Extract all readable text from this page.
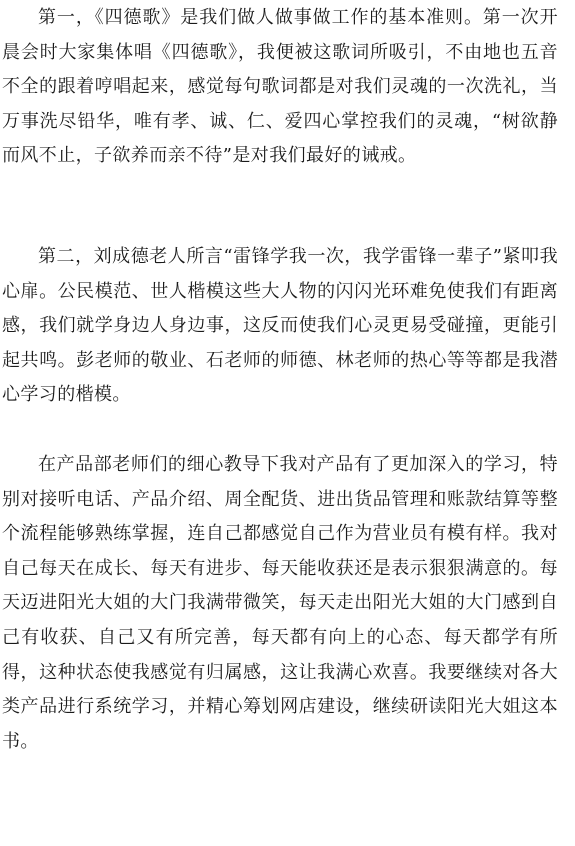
第一，《四德歌》是我们做人做事做工作的基本准则。第一次开晨会时大家集体唱《四德歌》，我便被这歌词所吸引，不由地也五音不全的跟着哼唱起来，感觉每句歌词都是对我们灵魂的一次洗礼，当万事洗尽铅华，唯有孝、诚、仁、爱四心掌控我们的灵魂，“树欲静而风不止，子欲养而亲不待”是对我们最好的诫戒。

第二，刘成德老人所言“雷锋学我一次，我学雷锋一辈子”紧叩我心扉。公民模范、世人楷模这些大人物的闪闪光环难免使我们有距离感，我们就学身边人身边事，这反而使我们心灵更易受碰撞，更能引起共鸣。彭老师的敬业、石老师的师德、林老师的热心等等都是我潜心学习的楷模。

在产品部老师们的细心教导下我对产品有了更加深入的学习，特别对接听电话、产品介绍、周全配货、进出货品管理和账款结算等整个流程能够熟练掌握，连自己都感觉自己作为营业员有模有样。我对自己每天在成长、每天有进步、每天能收获还是表示狠狠满意的。每天迈进阳光大姐的大门我满带微笑，每天走出阳光大姐的大门感到自己有收获、自己又有所完善，每天都有向上的心态、每天都学有所得，这种状态使我感觉有归属感，这让我满心欢喜。我要继续对各大类产品进行系统学习，并精心筹划网店建设，继续研读阳光大姐这本书。
